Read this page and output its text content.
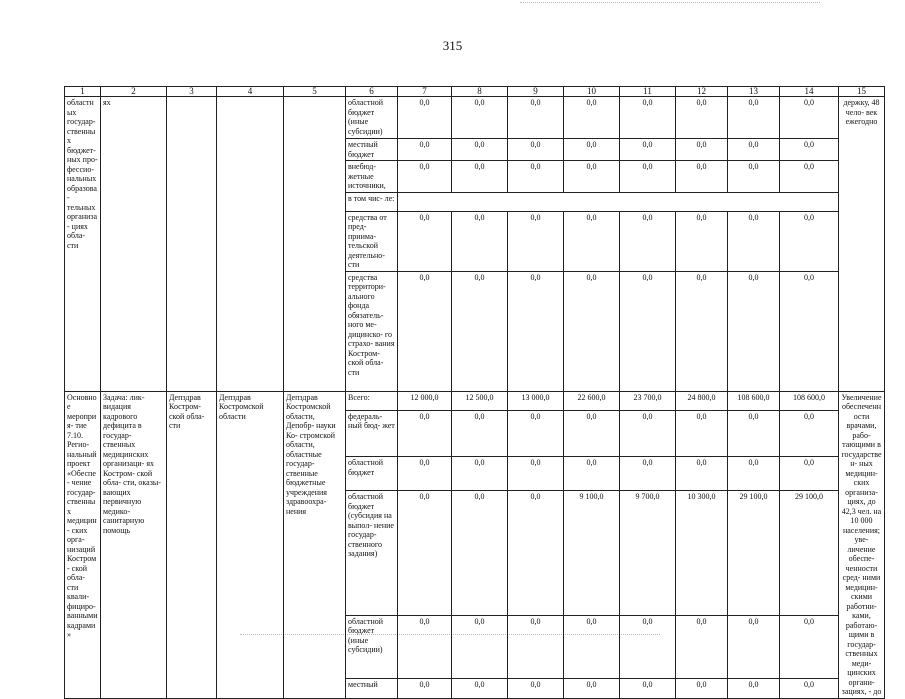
315
1	2	3	4	5	6	7	8	9	10	11	12	13	14	15
областных государ- ственных бюджет- ных про- фессио- нальных образова- тельных организа- циях обла- сти	ях				областной бюджет (иные субсидии)	0,0	0,0	0,0	0,0	0,0	0,0	0,0	0,0	держку, 48 чело- век ежегодно
					местный бюджет	0,0	0,0	0,0	0,0	0,0	0,0	0,0	0,0	
					внебюд- жетные источники,	0,0	0,0	0,0	0,0	0,0	0,0	0,0	0,0	
					в том чис- ле:									
					средства от пред- приима- тельской деятельно- сти	0,0	0,0	0,0	0,0	0,0	0,0	0,0	0,0	
					средства территори- ального фонда обязатель- ного ме- дицинско- го страхо- вания Костром- ской обла- сти	0,0	0,0	0,0	0,0	0,0	0,0	0,0	0,0	
Основное мероприя- тие 7.10. Регио- нальный проект «Обеспе- чение государ- ственных медицин- ских орга- низаций Костром- ской обла- сти квали- фициро- ванными кадрами»	Задача: лик- видация кадрового дефицита в государ- ственных медицинских организаци- ях Костром- ской обла- сти, оказы- вающих первичную медико- санитарную помощь	Депздрав Костром- ской обла- сти	Депздрав Костромской области	Депздрав Костромской области, Депобр- науки Ко- стромской области, областные государ- ственные бюджетные учреждения здравоохра- нения	Всего:	12 000,0	12 500,0	13 000,0	22 600,0	23 700,0	24 800,0	108 600,0	108 600,0	Увеличение обеспеченности врачами, рабо- тающими в государствен- ных медицин- ских организа- циях, до 42,3 чел. на 10 000 населения; уве- личение обеспе- ченности сред- ними медицин- скими работни- ками, работаю- щими в государ- ственных меди- цинских органи- зациях, - до
					федераль- ный бюд- жет	0,0	0,0	0,0	0,0	0,0	0,0	0,0	0,0	
					областной бюджет	0,0	0,0	0,0	0,0	0,0	0,0	0,0	0,0	
					областной бюджет (субсидия на выпол- нение государ- ственного задания)	0,0	0,0	0,0	9 100,0	9 700,0	10 300,0	29 100,0	29 100,0	
					областной бюджет (иные субсидии)	0,0	0,0	0,0	0,0	0,0	0,0	0,0	0,0	
					местный	0,0	0,0	0,0	0,0	0,0	0,0	0,0	0,0	
